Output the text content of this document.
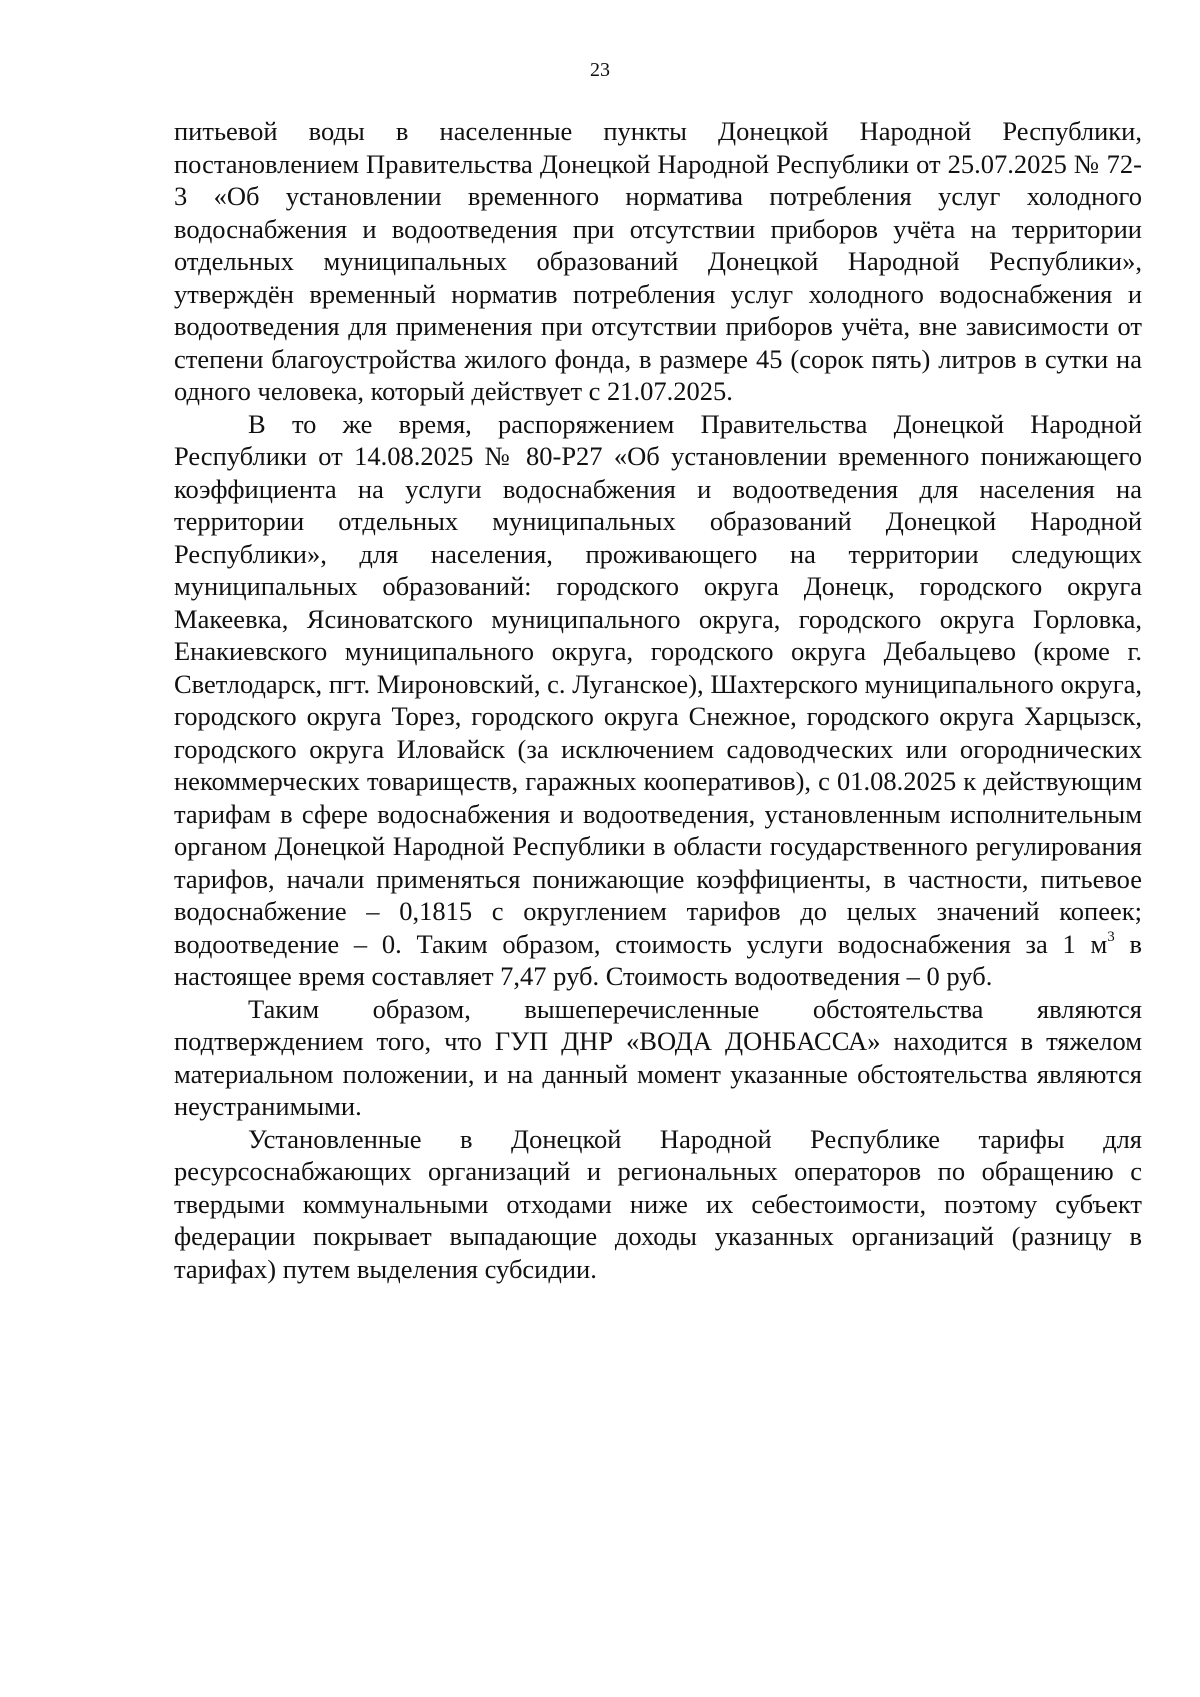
23

питьевой воды в населенные пункты Донецкой Народной Республики, постановлением Правительства Донецкой Народной Республики от 25.07.2025 № 72-3 «Об установлении временного норматива потребления услуг холодного водоснабжения и водоотведения при отсутствии приборов учёта на территории отдельных муниципальных образований Донецкой Народной Республики», утверждён временный норматив потребления услуг холодного водоснабжения и водоотведения для применения при отсутствии приборов учёта, вне зависимости от степени благоустройства жилого фонда, в размере 45 (сорок пять) литров в сутки на одного человека, который действует с 21.07.2025.

В то же время, распоряжением Правительства Донецкой Народной Республики от 14.08.2025 № 80-Р27 «Об установлении временного понижающего коэффициента на услуги водоснабжения и водоотведения для населения на территории отдельных муниципальных образований Донецкой Народной Республики», для населения, проживающего на территории следующих муниципальных образований: городского округа Донецк, городского округа Макеевка, Ясиноватского муниципального округа, городского округа Горловка, Енакиевского муниципального округа, городского округа Дебальцево (кроме г. Светлодарск, пгт. Мироновский, с. Луганское), Шахтерского муниципального округа, городского округа Торез, городского округа Снежное, городского округа Харцызск, городского округа Иловайск (за исключением садоводческих или огороднических некоммерческих товариществ, гаражных кооперативов), с 01.08.2025 к действующим тарифам в сфере водоснабжения и водоотведения, установленным исполнительным органом Донецкой Народной Республики в области государственного регулирования тарифов, начали применяться понижающие коэффициенты, в частности, питьевое водоснабжение – 0,1815 с округлением тарифов до целых значений копеек; водоотведение – 0. Таким образом, стоимость услуги водоснабжения за 1 $м^3$ в настоящее время составляет 7,47 руб. Стоимость водоотведения – 0 руб.

Таким образом, вышеперечисленные обстоятельства являются подтверждением того, что ГУП ДНР «ВОДА ДОНБАССА» находится в тяжелом материальном положении, и на данный момент указанные обстоятельства являются неустранимыми.

Установленные в Донецкой Народной Республике тарифы для ресурсоснабжающих организаций и региональных операторов по обращению с твердыми коммунальными отходами ниже их себестоимости, поэтому субъект федерации покрывает выпадающие доходы указанных организаций (разницу в тарифах) путем выделения субсидии.
